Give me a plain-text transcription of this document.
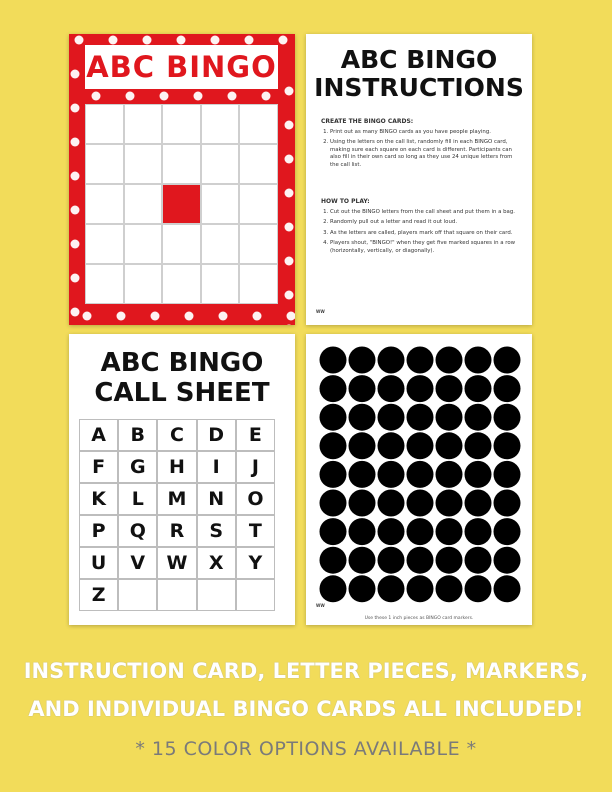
ABC BINGO	ABC BINGO
INSTRUCTIONS
CREATE THE BINGO CARDS:
1. Print out as many BINGO cards as you have people playing.
2. Using the letters on the call list, randomly fill in each BINGO card, making sure each square on each card is different. Participants can also fill in their own card so long as they use 24 unique letters from the call list.
HOW TO PLAY:
1. Cut out the BINGO letters from the call sheet and put them in a bag.
2. Randomly pull out a letter and read it out loud.
3. As the letters are called, players mark off that square on their card.
4. Players shout, "BINGO!" when they get five marked squares in a row (horizontally, vertically, or diagonally).
WW
ABC BINGO
CALL SHEET
A	B	C	D	E
F	G	H	I	J
K	L	M	N	O
P	Q	R	S	T
U	V	W	X	Y
Z
Use these 1 inch pieces as BINGO card markers.
WW
INSTRUCTION CARD, LETTER PIECES, MARKERS,
AND INDIVIDUAL BINGO CARDS ALL INCLUDED!
* 15 COLOR OPTIONS AVAILABLE *
